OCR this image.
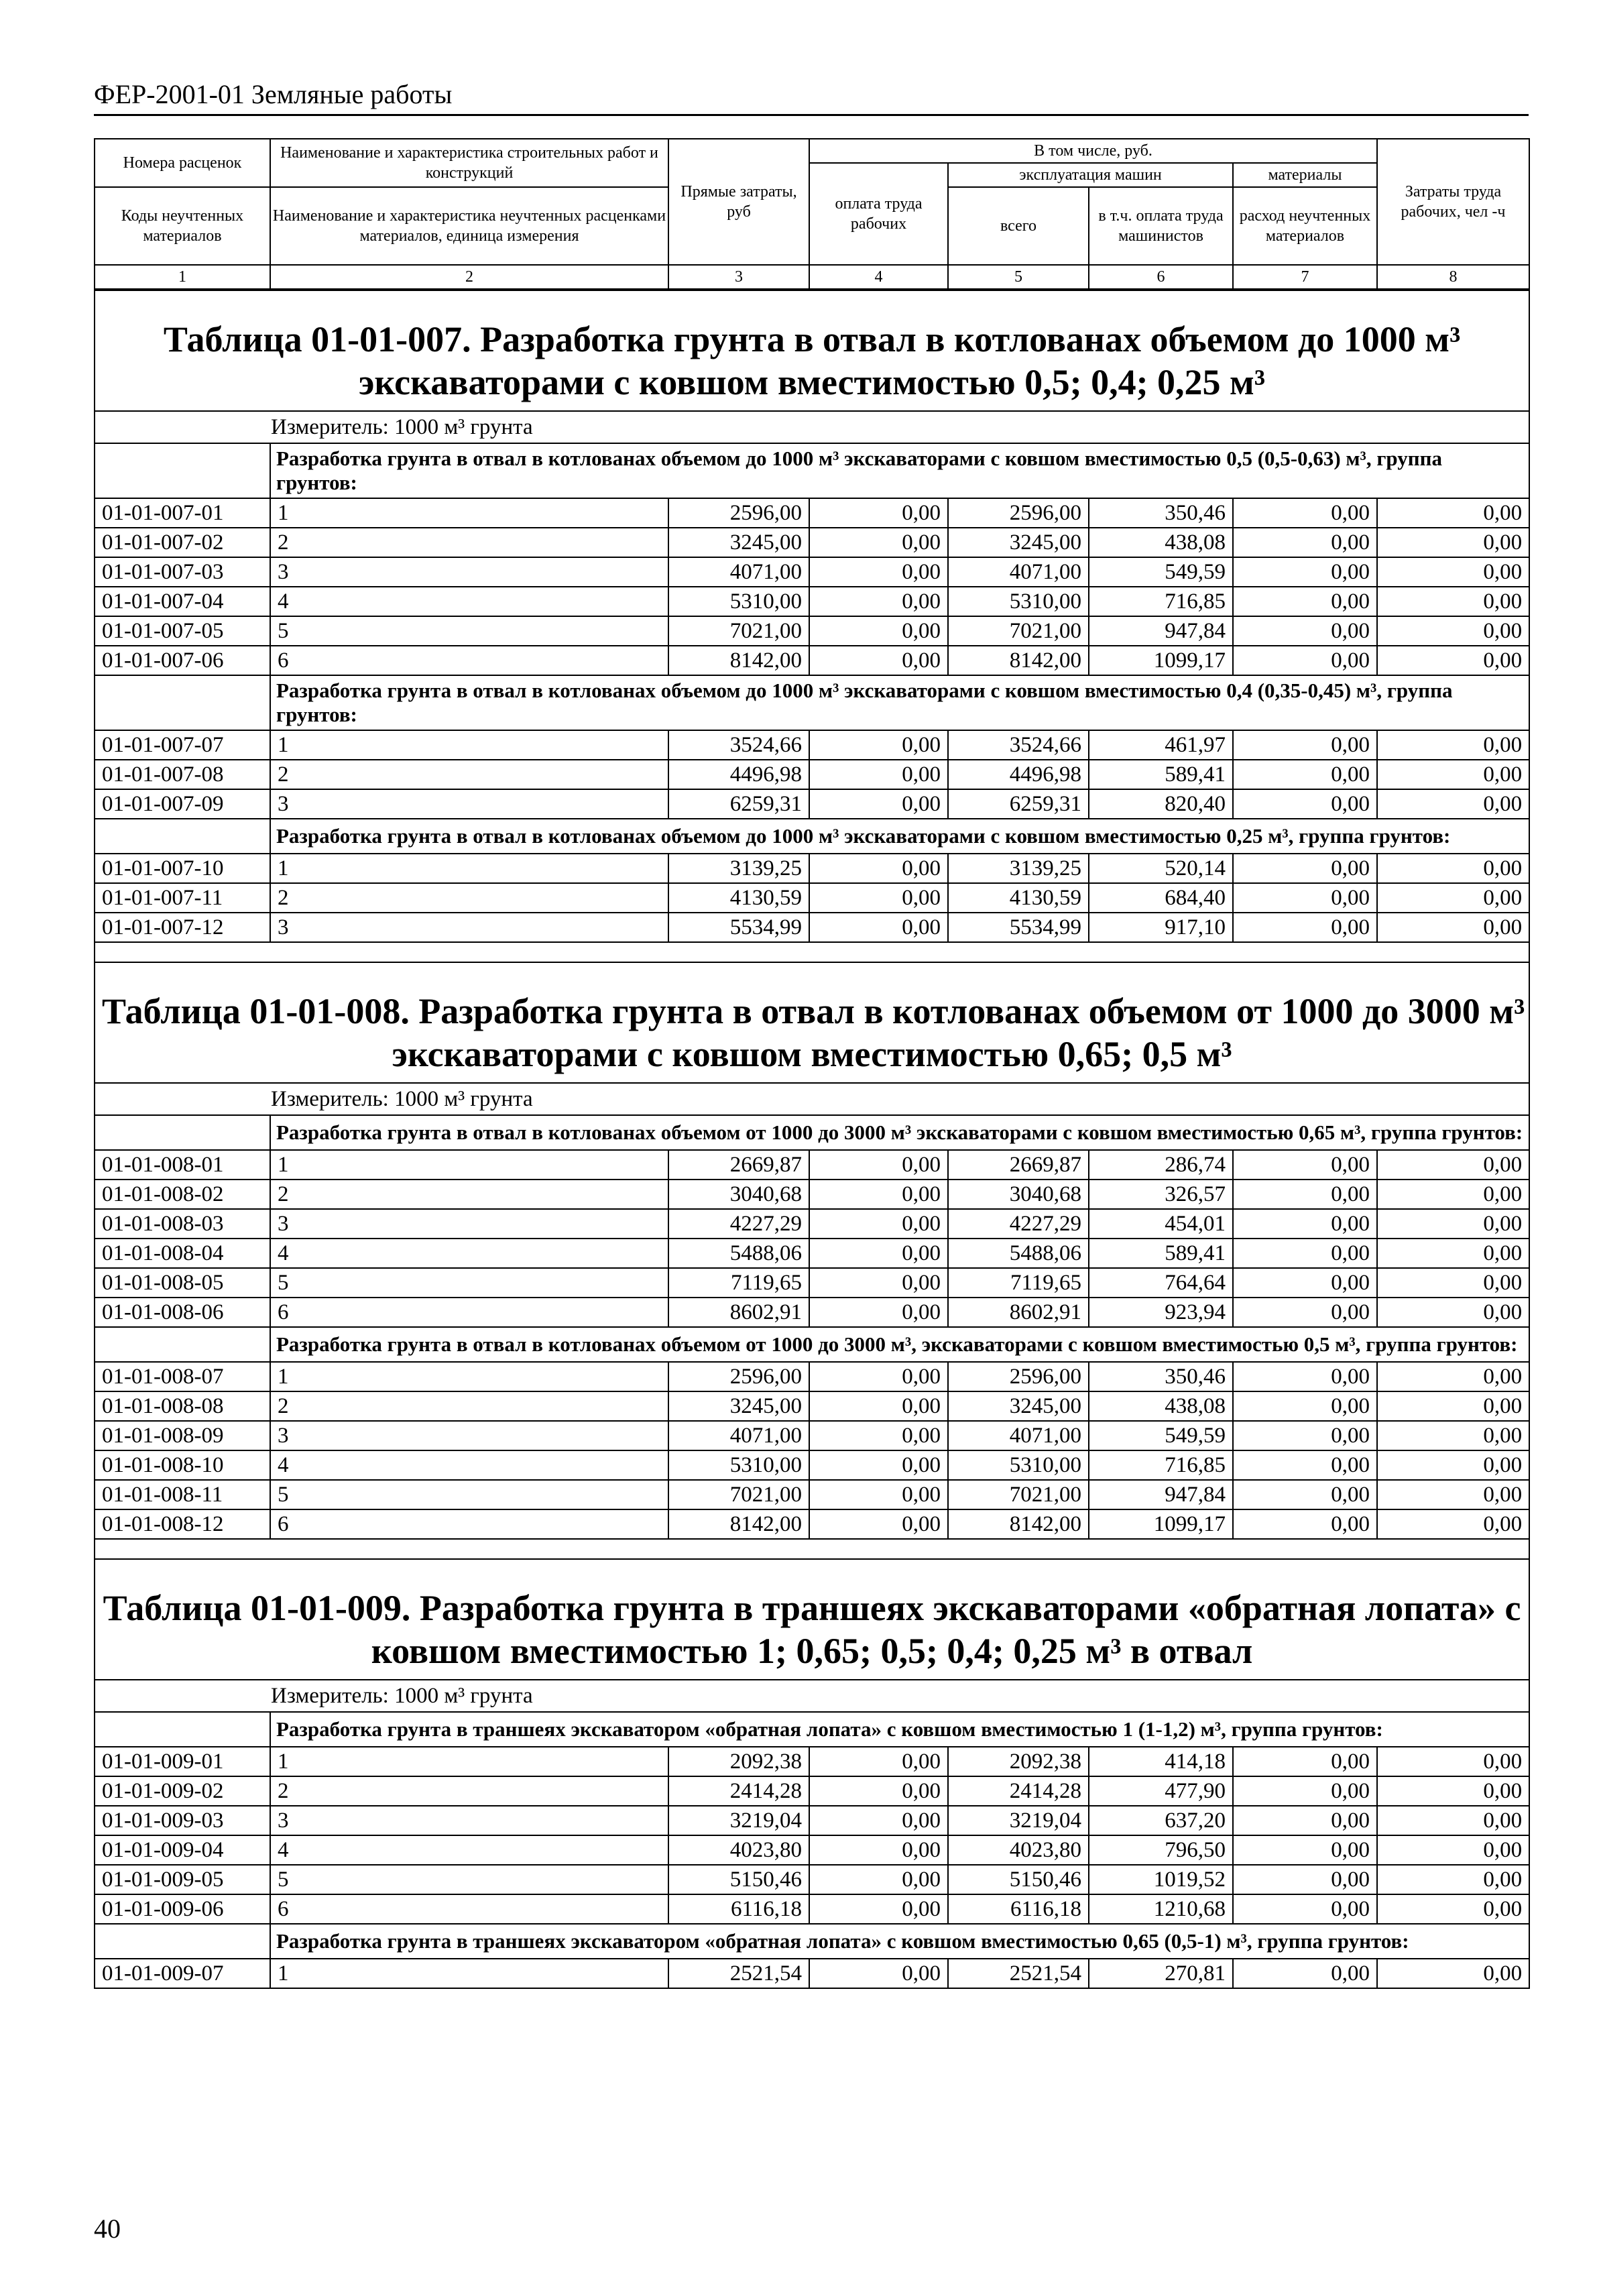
ФЕР-2001-01 Земляные работы
Номера расценок	Наименование и характеристика строительных работ и конструкций	Прямые затраты, руб	В том числе, руб.				Затраты труда рабочих, чел -ч
			оплата труда рабочих	эксплуатация машин		материалы	
Коды неучтенных материалов	Наименование и характеристика неучтенных расценками материалов, единица измерения			всего	в т.ч. оплата труда машинистов	расход неучтенных материалов	

1	2	3	4	5	6	7	8
Таблица 01-01-007. Разработка грунта в отвал в котлованах объемом до 1000 м³
экскаваторами с ковшом вместимостью 0,5; 0,4; 0,25 м³							

Измеритель: 1000 м³ грунта							
	Разработка грунта в отвал в котлованах объемом до 1000 м³ экскаваторами с ковшом вместимостью 0,5 (0,5-0,63) м³, группа грунтов:						
01-01-007-01	1	2596,00	0,00	2596,00	350,46	0,00	0,00
01-01-007-02	2	3245,00	0,00	3245,00	438,08	0,00	0,00
01-01-007-03	3	4071,00	0,00	4071,00	549,59	0,00	0,00
01-01-007-04	4	5310,00	0,00	5310,00	716,85	0,00	0,00
01-01-007-05	5	7021,00	0,00	7021,00	947,84	0,00	0,00
01-01-007-06	6	8142,00	0,00	8142,00	1099,17	0,00	0,00
	Разработка грунта в отвал в котлованах объемом до 1000 м³ экскаваторами с ковшом вместимостью 0,4 (0,35-0,45) м³, группа грунтов:						
01-01-007-07	1	3524,66	0,00	3524,66	461,97	0,00	0,00
01-01-007-08	2	4496,98	0,00	4496,98	589,41	0,00	0,00
01-01-007-09	3	6259,31	0,00	6259,31	820,40	0,00	0,00
	Разработка грунта в отвал в котлованах объемом до 1000 м³ экскаваторами с ковшом вместимостью 0,25 м³, группа грунтов:						
01-01-007-10	1	3139,25	0,00	3139,25	520,14	0,00	0,00
01-01-007-11	2	4130,59	0,00	4130,59	684,40	0,00	0,00
01-01-007-12	3	5534,99	0,00	5534,99	917,10	0,00	0,00

Таблица 01-01-008. Разработка грунта в отвал в котлованах объемом от 1000 до 3000 м³
экскаваторами с ковшом вместимостью 0,65; 0,5 м³							

Измеритель: 1000 м³ грунта							
	Разработка грунта в отвал в котлованах объемом от 1000 до 3000 м³ экскаваторами с ковшом вместимостью 0,65 м³, группа грунтов:						
01-01-008-01	1	2669,87	0,00	2669,87	286,74	0,00	0,00
01-01-008-02	2	3040,68	0,00	3040,68	326,57	0,00	0,00
01-01-008-03	3	4227,29	0,00	4227,29	454,01	0,00	0,00
01-01-008-04	4	5488,06	0,00	5488,06	589,41	0,00	0,00
01-01-008-05	5	7119,65	0,00	7119,65	764,64	0,00	0,00
01-01-008-06	6	8602,91	0,00	8602,91	923,94	0,00	0,00
	Разработка грунта в отвал в котлованах объемом от 1000 до 3000 м³, экскаваторами с ковшом вместимостью 0,5 м³, группа грунтов:						
01-01-008-07	1	2596,00	0,00	2596,00	350,46	0,00	0,00
01-01-008-08	2	3245,00	0,00	3245,00	438,08	0,00	0,00
01-01-008-09	3	4071,00	0,00	4071,00	549,59	0,00	0,00
01-01-008-10	4	5310,00	0,00	5310,00	716,85	0,00	0,00
01-01-008-11	5	7021,00	0,00	7021,00	947,84	0,00	0,00
01-01-008-12	6	8142,00	0,00	8142,00	1099,17	0,00	0,00

Таблица 01-01-009. Разработка грунта в траншеях экскаваторами «обратная лопата» с
ковшом вместимостью 1; 0,65; 0,5; 0,4; 0,25 м³ в отвал							

Измеритель: 1000 м³ грунта							
	Разработка грунта в траншеях экскаватором «обратная лопата» с ковшом вместимостью 1 (1-1,2) м³, группа грунтов:						
01-01-009-01	1	2092,38	0,00	2092,38	414,18	0,00	0,00
01-01-009-02	2	2414,28	0,00	2414,28	477,90	0,00	0,00
01-01-009-03	3	3219,04	0,00	3219,04	637,20	0,00	0,00
01-01-009-04	4	4023,80	0,00	4023,80	796,50	0,00	0,00
01-01-009-05	5	5150,46	0,00	5150,46	1019,52	0,00	0,00
01-01-009-06	6	6116,18	0,00	6116,18	1210,68	0,00	0,00
	Разработка грунта в траншеях экскаватором «обратная лопата» с ковшом вместимостью 0,65 (0,5-1) м³, группа грунтов:						
01-01-009-07	1	2521,54	0,00	2521,54	270,81	0,00	0,00
40
